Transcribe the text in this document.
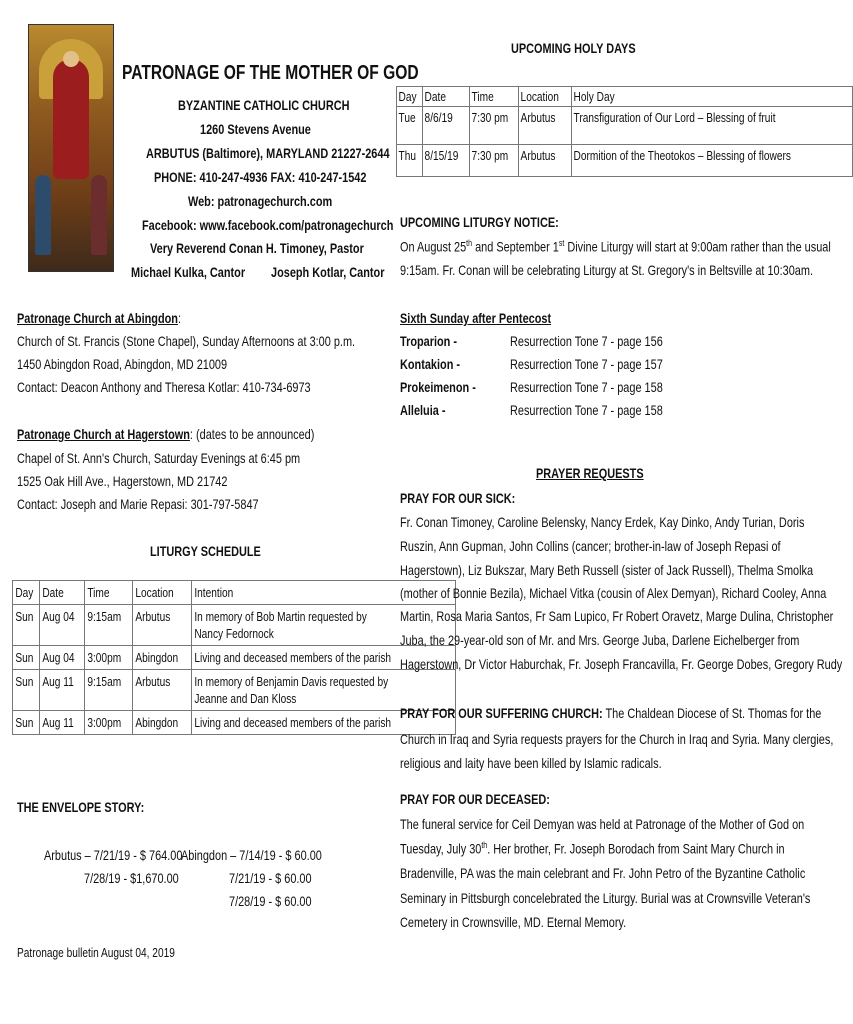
PATRONAGE OF THE MOTHER OF GOD
BYZANTINE CATHOLIC CHURCH
1260 Stevens Avenue
ARBUTUS (Baltimore), MARYLAND 21227-2644
PHONE: 410-247-4936 FAX: 410-247-1542
Web: patronagechurch.com
Facebook: www.facebook.com/patronagechurch
Very Reverend Conan H. Timoney, Pastor
Michael Kulka, Cantor Joseph Kotlar, Cantor
Patronage Church at Abingdon:
Church of St. Francis (Stone Chapel), Sunday Afternoons at 3:00 p.m.
1450 Abingdon Road, Abingdon, MD 21009
Contact: Deacon Anthony and Theresa Kotlar: 410-734-6973
Patronage Church at Hagerstown: (dates to be announced)
Chapel of St. Ann's Church, Saturday Evenings at 6:45 pm
1525 Oak Hill Ave., Hagerstown, MD 21742
Contact: Joseph and Marie Repasi: 301-797-5847
LITURGY SCHEDULE
Day	Date	Time	Location	Intention

Sun	Aug 04	9:15am	Arbutus	In memory of Bob Martin requested by Nancy Fedornock

Sun	Aug 04	3:00pm	Abingdon	Living and deceased members of the parish

Sun	Aug 11	9:15am	Arbutus	In memory of Benjamin Davis requested by Jeanne and Dan Kloss

Sun	Aug 11	3:00pm	Abingdon	Living and deceased members of the parish
THE ENVELOPE STORY:
Arbutus – 7/21/19 - $ 764.00
7/28/19 - $1,670.00
Abingdon – 7/14/19 - $ 60.00
7/21/19 - $ 60.00
7/28/19 - $ 60.00
Patronage bulletin August 04, 2019
UPCOMING HOLY DAYS
Day	Date	Time	Location	Holy Day

Tue	8/6/19	7:30 pm	Arbutus	Transfiguration of Our Lord – Blessing of fruit

Thu	8/15/19	7:30 pm	Arbutus	Dormition of the Theotokos – Blessing of flowers
UPCOMING LITURGY NOTICE:
On August 25th and September 1st Divine Liturgy will start at 9:00am rather than the usual
9:15am. Fr. Conan will be celebrating Liturgy at St. Gregory's in Beltsville at 10:30am.
Sixth Sunday after Pentecost
Troparion -	Resurrection Tone 7 - page 156
Kontakion -	Resurrection Tone 7 - page 157
Prokeimenon - Resurrection Tone 7 - page 158
Alleluia -	Resurrection Tone 7 - page 158
PRAYER REQUESTS
PRAY FOR OUR SICK:
Fr. Conan Timoney, Caroline Belensky, Nancy Erdek, Kay Dinko, Andy Turian, Doris
Ruszin, Ann Gupman, John Collins (cancer; brother-in-law of Joseph Repasi of
Hagerstown), Liz Bukszar, Mary Beth Russell (sister of Jack Russell), Thelma Smolka
(mother of Bonnie Bezila), Michael Vitka (cousin of Alex Demyan), Richard Cooley, Anna
Martin, Rosa Maria Santos, Fr Sam Lupico, Fr Robert Oravetz, Marge Dulina, Christopher
Juba, the 29-year-old son of Mr. and Mrs. George Juba, Darlene Eichelberger from
Hagerstown, Dr Victor Haburchak, Fr. Joseph Francavilla, Fr. George Dobes, Gregory Rudy
PRAY FOR OUR SUFFERING CHURCH: The Chaldean Diocese of St. Thomas for the
Church in Iraq and Syria requests prayers for the Church in Iraq and Syria. Many clergies,
religious and laity have been killed by Islamic radicals.
PRAY FOR OUR DECEASED:
The funeral service for Ceil Demyan was held at Patronage of the Mother of God on
Tuesday, July 30th. Her brother, Fr. Joseph Borodach from Saint Mary Church in
Bradenville, PA was the main celebrant and Fr. John Petro of the Byzantine Catholic
Seminary in Pittsburgh concelebrated the Liturgy. Burial was at Crownsville Veteran's
Cemetery in Crownsville, MD. Eternal Memory.
